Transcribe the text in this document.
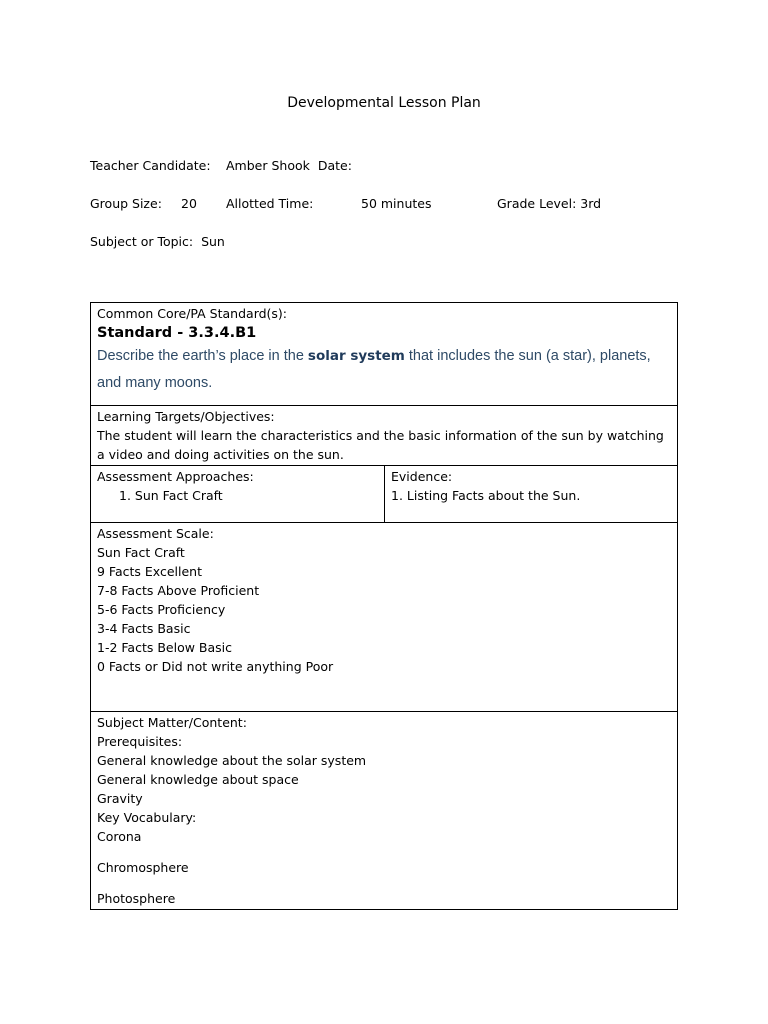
Developmental Lesson Plan
Teacher Candidate: Amber Shook Date:
Group Size: 20 Allotted Time:	50 minutes	Grade Level: 3rd
Subject or Topic: Sun
Common Core/PA Standard(s):
Standard - 3.3.4.B1
Describe the earth’s place in the solar system that includes the sun (a star), planets, and many moons.

Learning Targets/Objectives:
The student will learn the characteristics and the basic information of the sun by watching a video and doing activities on the sun.

Assessment Approaches:
1. Sun Fact Craft

Evidence:
1. Listing Facts about the Sun.

Assessment Scale:
Sun Fact Craft
9 Facts Excellent
7-8 Facts Above Proficient
5-6 Facts Proficiency
3-4 Facts Basic
1-2 Facts Below Basic
0 Facts or Did not write anything Poor

Subject Matter/Content:
Prerequisites:
General knowledge about the solar system
General knowledge about space
Gravity
Key Vocabulary:
Corona
Chromosphere
Photosphere
